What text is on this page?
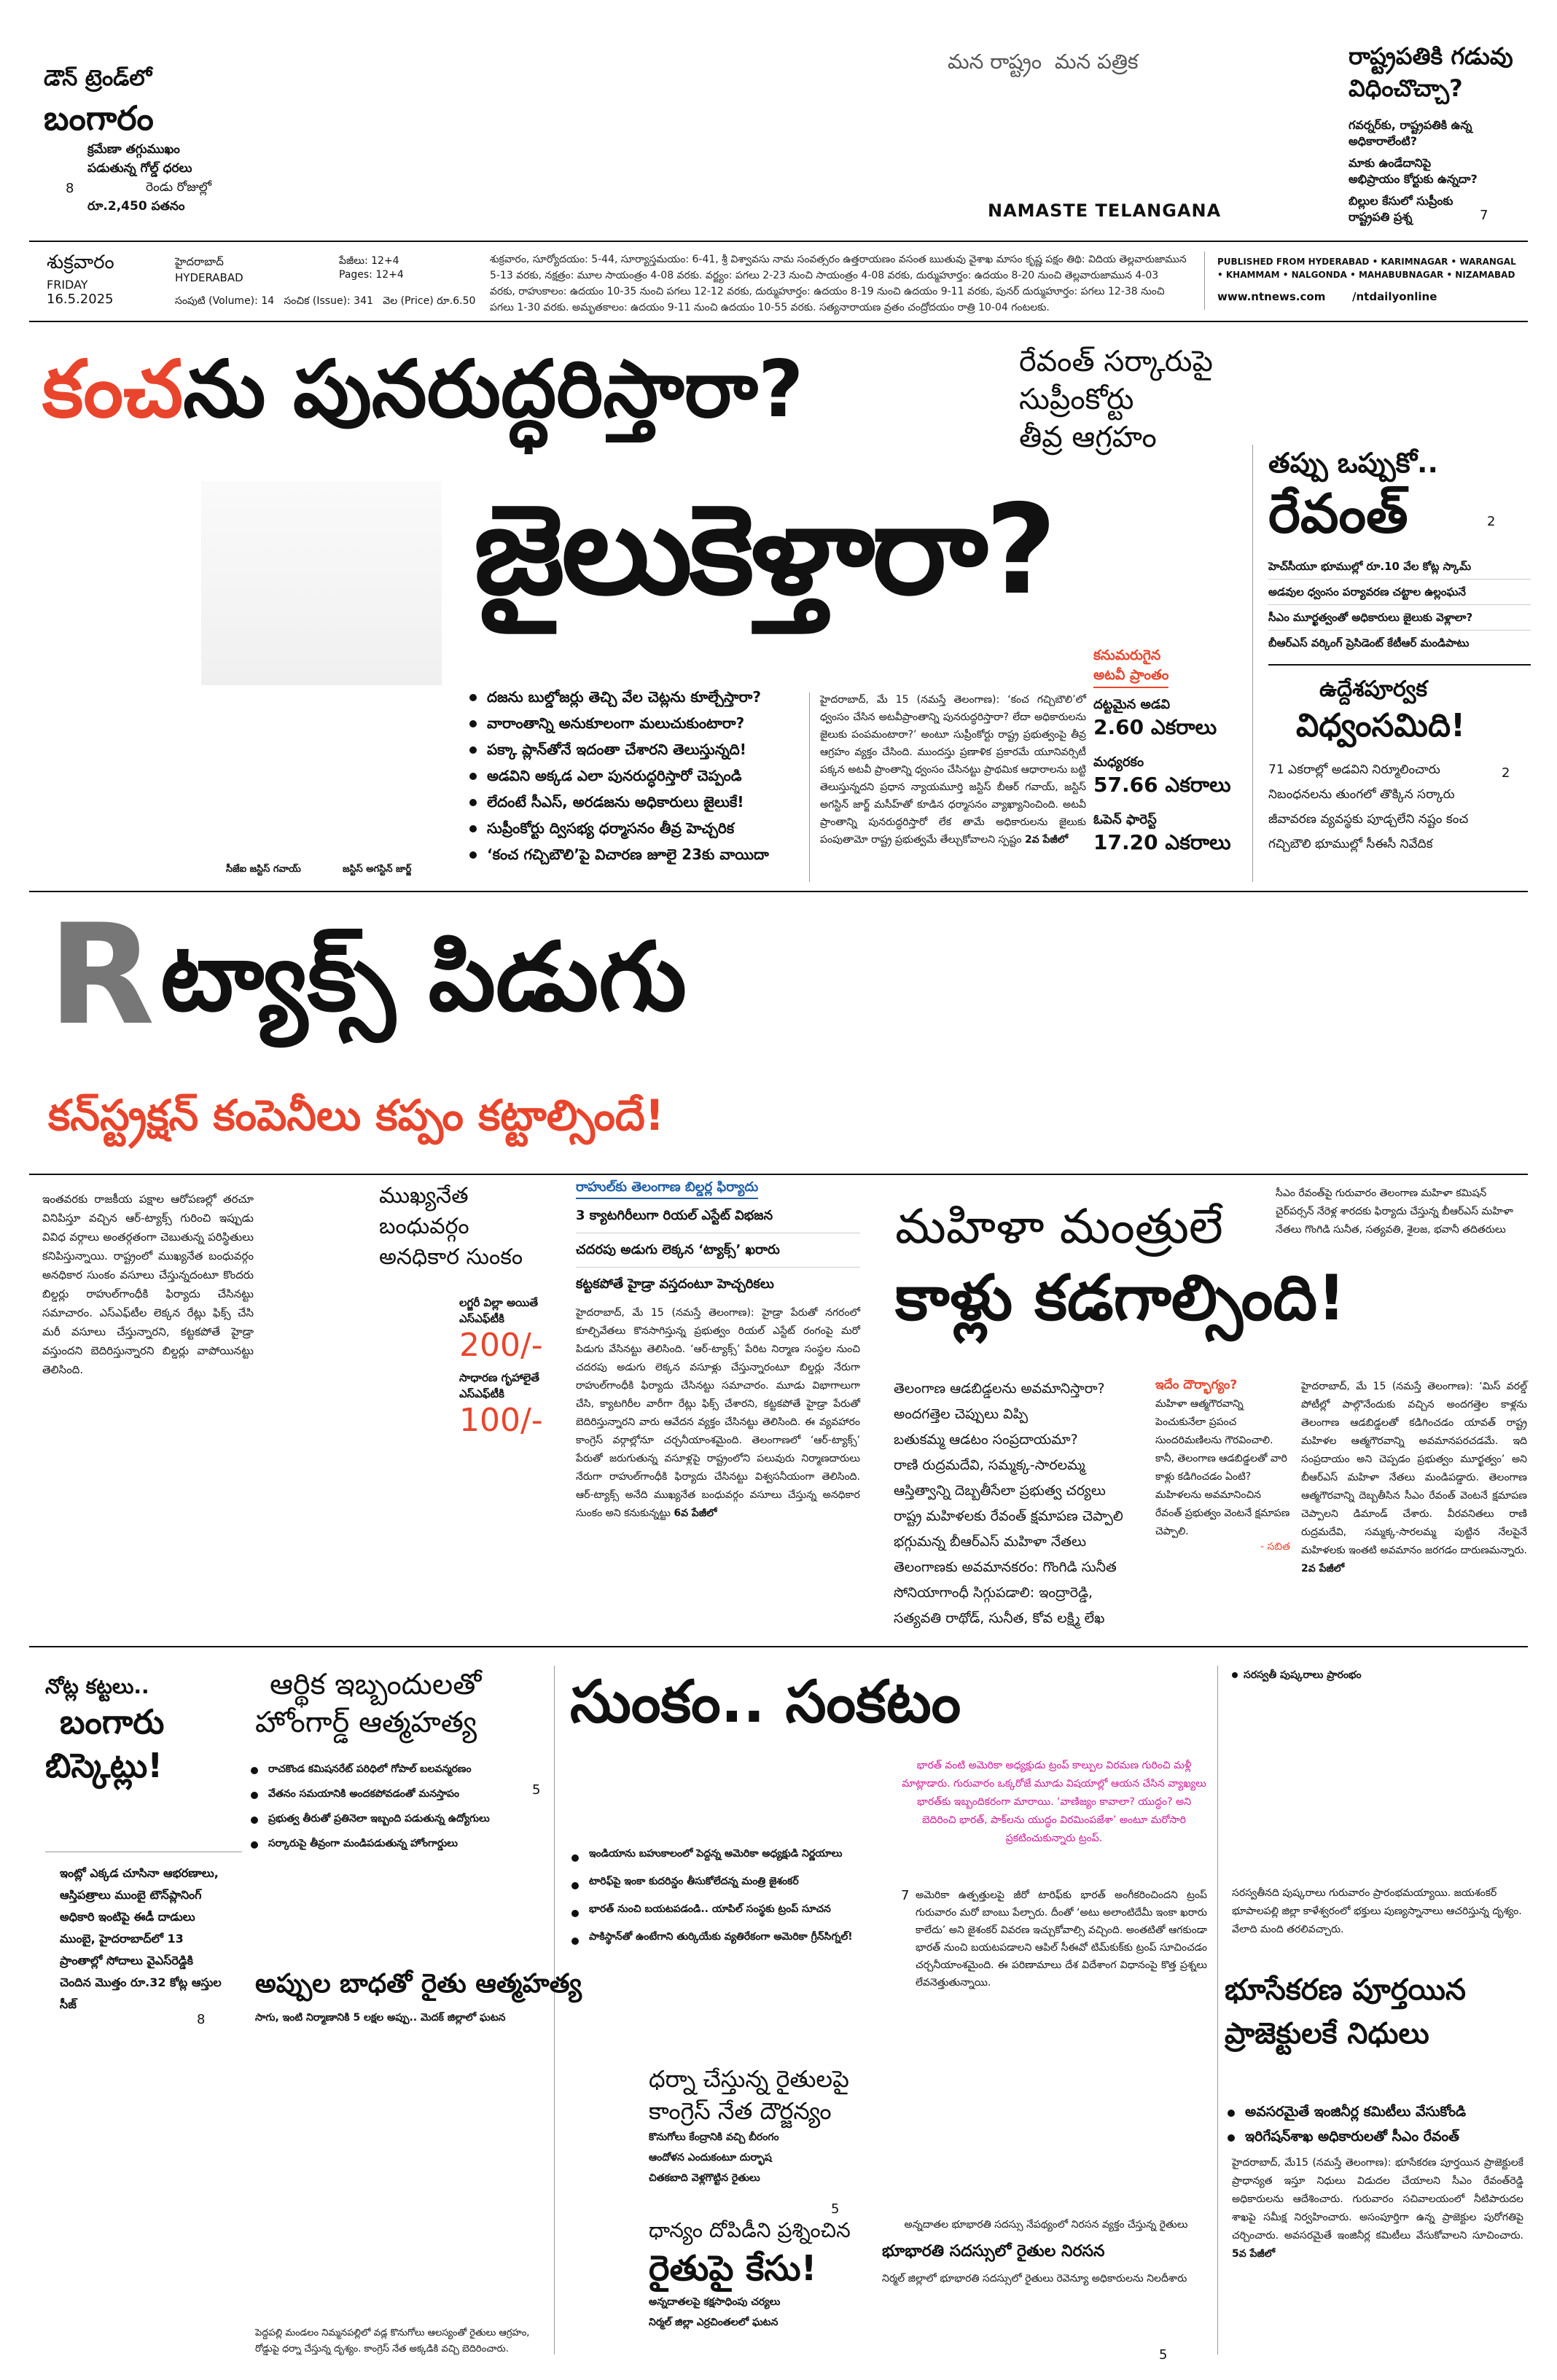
డౌన్ ట్రెండ్‌లో
బంగారం
క్రమేణా తగ్గుముఖం
పడుతున్న గోల్డ్ ధరలు
రెండు రోజుల్లో
రూ.2,450 పతనం
8
మన రాష్ట్రం  మన పత్రిక
NAMASTE TELANGANA
రాష్ట్రపతికి గడువు
విధించొచ్చా?
గవర్నర్‌కు, రాష్ట్రపతికి ఉన్న అధికారాలేంటి?
మాకు ఉండేదానిపై అభిప్రాయం కోర్టుకు ఉన్నదా?
బిల్లుల కేసులో సుప్రీంకు రాష్ట్రపతి ప్రశ్న	7
శుక్రవారం
FRIDAY
16.5.2025
హైదరాబాద్
HYDERABAD
పేజీలు: 12+4
Pages: 12+4
సంపుటి (Volume): 14   సంచిక (Issue): 341   వెల (Price) రూ.6.50
శుక్రవారం, సూర్యోదయం: 5-44, సూర్యాస్తమయం: 6-41, శ్రీ విశ్వావసు నామ సంవత్సరం ఉత్తరాయణం వసంత ఋతువు వైశాఖ మాసం కృష్ణ పక్షం తిథి: విదియ తెల్లవారుజామున
5-13 వరకు, నక్షత్రం: మూల సాయంత్రం 4-08 వరకు. వర్జ్యం: పగలు 2-23 నుంచి సాయంత్రం 4-08 వరకు, దుర్ముహూర్తం: ఉదయం 8-20 నుంచి తెల్లవారుజామున 4-03
వరకు, రాహుకాలం: ఉదయం 10-35 నుంచి పగలు 12-12 వరకు, దుర్ముహూర్తం: ఉదయం 8-19 నుంచి ఉదయం 9-11 వరకు, పునర్ దుర్ముహూర్తం: పగలు 12-38 నుంచి
పగలు 1-30 వరకు. అమృతకాలం: ఉదయం 9-11 నుంచి ఉదయం 10-55 వరకు. సత్యనారాయణ వ్రతం చంద్రోదయం రాత్రి 10-04 గంటలకు.
PUBLISHED FROM HYDERABAD • KARIMNAGAR • WARANGAL • KHAMMAM • NALGONDA • MAHABUBNAGAR • NIZAMABAD
www.ntnews.com /ntdailyonline
కంచను పునరుద్ధరిస్తారా?	రేవంత్ సర్కారుపై
సుప్రీంకోర్టు
తీవ్ర ఆగ్రహం
జైలుకెళ్తారా?
దజను బుల్డోజర్లు తెచ్చి వేల చెట్లను కూల్చేస్తారా?
వారాంతాన్ని అనుకూలంగా మలుచుకుంటారా?
పక్కా ప్లాన్‌తోనే ఇదంతా చేశారని తెలుస్తున్నది!
అడవిని అక్కడ ఎలా పునరుద్ధరిస్తారో చెప్పండి
లేదంటే సీఎస్, అరడజను అధికారులు జైలుకే!
సుప్రీంకోర్టు ద్విసభ్య ధర్మాసనం తీవ్ర హెచ్చరిక
‘కంచ గచ్చిబౌలి’పై విచారణ జూలై 23కు వాయిదా
సీజేఐ జస్టిస్ గవాయ్	జస్టిస్ అగస్టిన్ జార్జ్
హైదరాబాద్, మే 15 (నమస్తే తెలంగాణ): ‘కంచ గచ్చిబౌలి’లో ధ్వంసం చేసిన అటవీప్రాంతాన్ని పునరుద్ధరిస్తారా? లేదా అధికారులను జైలుకు పంపమంటారా?’ అంటూ సుప్రీంకోర్టు రాష్ట్ర ప్రభుత్వంపై తీవ్ర ఆగ్రహం వ్యక్తం చేసింది. ముందస్తు ప్రణాళిక ప్రకారమే యూనివర్సిటీ పక్కన అటవీ ప్రాంతాన్ని ధ్వంసం చేసినట్టు ప్రాథమిక ఆధారాలను బట్టి తెలుస్తున్నదని ప్రధాన న్యాయమూర్తి జస్టిస్ బీఆర్ గవాయ్, జస్టిస్ అగస్టిన్ జార్జ్ మసీహ్‌తో కూడిన ధర్మాసనం వ్యాఖ్యానించింది. అటవీ ప్రాంతాన్ని పునరుద్ధరిస్తారో లేక తామే అధికారులను జైలుకు పంపుతామో రాష్ట్ర ప్రభుత్వమే తేల్చుకోవాలని స్పష్టం 2వ పేజీలో
కనుమరుగైన
అటవీ ప్రాంతం
దట్టమైన అడవి
2.60 ఎకరాలు
మధ్యరకం
57.66 ఎకరాలు
ఓపెన్ ఫారెస్ట్
17.20 ఎకరాలు
తప్పు ఒప్పుకో..
రేవంత్	2
హెచ్‌సీయూ భూముల్లో రూ.10 వేల కోట్ల స్కామ్
అడవుల ధ్వంసం పర్యావరణ చట్టాల ఉల్లంఘనే
సీఎం మూర్ఖత్వంతో అధికారులు జైలుకు వెళ్లాలా?
బీఆర్‌ఎస్ వర్కింగ్ ప్రెసిడెంట్ కేటీఆర్ మండిపాటు
ఉద్దేశపూర్వక
విధ్వంసమిది!
71 ఎకరాల్లో అడవిని నిర్మూలించారు నిబంధనలను తుంగలో తొక్కిన సర్కారు జీవావరణ వ్యవస్థకు పూడ్చలేని నష్టం కంచ గచ్చిబౌలి భూముల్లో సీఈసీ నివేదిక
2
R ట్యాక్స్ పిడుగు
కన్‌స్ట్రక్షన్ కంపెనీలు కప్పం కట్టాల్సిందే!
ఇంతవరకు రాజకీయ పక్షాల ఆరోపణల్లో తరచూ వినిపిస్తూ వచ్చిన ఆర్-ట్యాక్స్ గురించి ఇప్పుడు వివిధ వర్గాలు అంతర్గతంగా చెబుతున్న పరిస్థితులు కనిపిస్తున్నాయి. రాష్ట్రంలో ముఖ్యనేత బంధువర్గం అనధికార సుంకం వసూలు చేస్తున్నదంటూ కొందరు బిల్డర్లు రాహుల్‌గాంధీకి ఫిర్యాదు చేసినట్టు సమాచారం. ఎస్ఎఫ్‌టీల లెక్కన రేట్లు ఫిక్స్ చేసి మరీ వసూలు చేస్తున్నారని, కట్టకపోతే హైడ్రా వస్తుందని బెదిరిస్తున్నారని బిల్డర్లు వాపోయినట్టు తెలిసింది.
ముఖ్యనేత బంధువర్గం
అనధికార సుంకం
లగ్జరీ విల్లా అయితే ఎస్ఎఫ్‌టీకి
200/-
సాధారణ గృహాలైతే ఎస్ఎఫ్‌టీకి
100/-
రాహుల్‌కు తెలంగాణ బిల్డర్ల ఫిర్యాదు
3 క్యాటగిరీలుగా రియల్ ఎస్టేట్ విభజన
చదరపు అడుగు లెక్కన ‘ట్యాక్స్’ ఖరారు
కట్టకపోతే హైడ్రా వస్తదంటూ హెచ్చరికలు
హైదరాబాద్, మే 15 (నమస్తే తెలంగాణ): హైడ్రా పేరుతో నగరంలో కూల్చివేతలు కొనసాగిస్తున్న ప్రభుత్వం రియల్ ఎస్టేట్ రంగంపై మరో పిడుగు వేసినట్టు తెలిసింది. ‘ఆర్-ట్యాక్స్’ పేరిట నిర్మాణ సంస్థల నుంచి చదరపు అడుగు లెక్కన వసూళ్లు చేస్తున్నారంటూ బిల్డర్లు నేరుగా రాహుల్‌గాంధీకి ఫిర్యాదు చేసినట్టు సమాచారం. మూడు విభాగాలుగా చేసి, క్యాటగిరీల వారీగా రేట్లు ఫిక్స్ చేశారని, కట్టకపోతే హైడ్రా పేరుతో బెదిరిస్తున్నారని వారు ఆవేదన వ్యక్తం చేసినట్టు తెలిసింది. ఈ వ్యవహారం కాంగ్రెస్ వర్గాల్లోనూ చర్చనీయాంశమైంది. తెలంగాణలో ‘ఆర్-ట్యాక్స్’ పేరుతో జరుగుతున్న వసూళ్లపై రాష్ట్రంలోని పలువురు నిర్మాణదారులు నేరుగా రాహుల్‌గాంధీకి ఫిర్యాదు చేసినట్టు విశ్వసనీయంగా తెలిసింది. ఆర్-ట్యాక్స్ అనేది ముఖ్యనేత బంధువర్గం వసూలు చేస్తున్న అనధికార సుంకం అని కనుకున్నట్టు 6వ పేజీలో
మహిళా మంత్రులే
కాళ్లు కడగాల్సింది!
సీఎం రేవంత్‌పై గురువారం తెలంగాణ మహిళా కమిషన్ చైర్‌పర్సన్ నేరెళ్ల శారదకు ఫిర్యాదు చేస్తున్న బీఆర్‌ఎస్ మహిళా నేతలు గొంగిడి సునీత, సత్యవతి, శైలజ, భవానీ తదితరులు
తెలంగాణ ఆడబిడ్డలను అవమానిస్తారా?
అందగత్తెల చెప్పులు విప్పి
బతుకమ్మ ఆడటం సంప్రదాయమా?
రాణి రుద్రమదేవి, సమ్మక్క-సారలమ్మ
ఆస్తిత్వాన్ని దెబ్బతీసేలా ప్రభుత్వ చర్యలు
రాష్ట్ర మహిళలకు రేవంత్ క్షమాపణ చెప్పాలి
భగ్గుమన్న బీఆర్‌ఎస్ మహిళా నేతలు
తెలంగాణకు అవమానకరం: గొంగిడి సునీత
సోనియాగాంధీ సిగ్గుపడాలి: ఇంద్రారెడ్డి,
సత్యవతి రాథోడ్, సునీత, కోవ లక్ష్మి లేఖ
ఇదేం దౌర్భాగ్యం?
మహిళా ఆత్మగౌరవాన్ని పెంచుకునేలా ప్రపంచ సుందరిమణిలను గౌరవించాలి. కానీ, తెలంగాణ ఆడబిడ్డలతో వారి కాళ్లు కడిగించడం ఏంటి? మహిళలను అవమానించిన రేవంత్ ప్రభుత్వం వెంటనే క్షమాపణ చెప్పాలి.
- సబిత
హైదరాబాద్, మే 15 (నమస్తే తెలంగాణ): ‘మిస్ వరల్డ్ పోటీల్లో పాల్గొనేందుకు వచ్చిన అందగత్తెల కాళ్లను తెలంగాణ ఆడబిడ్డలతో కడిగించడం యావత్ రాష్ట్ర మహిళల ఆత్మగౌరవాన్ని అవమానపరచడమే. ఇది సంప్రదాయం అని చెప్పడం ప్రభుత్వం మూర్ఖత్వం’ అని బీఆర్‌ఎస్ మహిళా నేతలు మండిపడ్డారు. తెలంగాణ ఆత్మగౌరవాన్ని దెబ్బతీసిన సీఎం రేవంత్ వెంటనే క్షమాపణ చెప్పాలని డిమాండ్ చేశారు. వీరవనితలు రాణి రుద్రమదేవి, సమ్మక్క-సారలమ్మ పుట్టిన నేలపైనే మహిళలకు ఇంతటి అవమానం జరగడం దారుణమన్నారు. 2వ పేజీలో
నోట్ల కట్టలు..
బంగారు
బిస్కెట్లు!
ఇంట్లో ఎక్కడ చూసినా ఆభరణాలు, ఆస్తిపత్రాలు ముంబై టౌన్‌ప్లానింగ్ అధికారి ఇంటిపై ఈడీ దాడులు ముంబై, హైదరాబాద్‌లో 13 ప్రాంతాల్లో సోదాలు వైఎస్‌రెడ్డికి చెందిన మొత్తం రూ.32 కోట్ల ఆస్తుల సీజ్
8
ఆర్థిక ఇబ్బందులతో
హోంగార్డ్ ఆత్మహత్య
రాచకొండ కమిషనరేట్ పరిధిలో గోపాల్ బలవన్మరణం
వేతనం సమయానికి అందకపోవడంతో మనస్తాపం
ప్రభుత్వ తీరుతో ప్రతినెలా ఇబ్బంది పడుతున్న ఉద్యోగులు
సర్కారుపై తీవ్రంగా మండిపడుతున్న హోంగార్డులు
5
సుంకం.. సంకటం
ఇండియాను బహుకాలంలో పెద్దన్న అమెరికా అధ్యక్షుడి నిర్ణయాలు
టారిఫ్‌పై ఇంకా కుదరిన్డం తీసుకోలేదన్న మంత్రి జైశంకర్
భారత్ నుంచి బయటపడండి.. యాపిల్ సంస్థకు ట్రంప్ సూచన
పాకిస్థాన్‌తో ఉంటేగాని తుర్కియేకు వ్యతిరేకంగా అమెరికా గ్రీన్‌సిగ్నల్!
భారత్ వంటి అమెరికా అధ్యక్షుడు ట్రంప్ కాల్పుల విరమణ గురించి మళ్లీ మాట్లాడారు. గురువారం ఒక్కరోజే మూడు విషయాల్లో ఆయన చేసిన వ్యాఖ్యలు భారత్‌కు ఇబ్బందికరంగా మారాయి. ‘వాణిజ్యం కావాలా? యుద్ధం? అని బెదిరించి భారత్, పాక్‌లను యుద్ధం విరమింపజేశా’ అంటూ మరోసారి ప్రకటించుకున్నారు ట్రంప్.
7 అమెరికా ఉత్పత్తులపై జీరో టారిఫ్‌కు భారత్ అంగీకరించిందని ట్రంప్ గురువారం మరో బాంబు పేల్చారు. దీంతో ‘అటు అలాంటిదేమీ ఇంకా ఖరారు కాలేదు’ అని జైశంకర్ వివరణ ఇచ్చుకోవాల్సి వచ్చింది. అంతటితో ఆగకుండా భారత్ నుంచి బయటపడాలని ఆపిల్ సీఈవో టిమ్‌కుక్‌కు ట్రంప్ సూచించడం చర్చనీయాంశమైంది. ఈ పరిణామాలు దేశ విదేశాంగ విధానంపై కొత్త ప్రశ్నలు లేవనెత్తుతున్నాయి.
సరస్వతీ పుష్కరాలు ప్రారంభం
సరస్వతీనది పుష్కరాలు గురువారం ప్రారంభమయ్యాయి. జయశంకర్ భూపాలపల్లి జిల్లా కాళేశ్వరంలో భక్తులు పుణ్యస్నానాలు ఆచరిస్తున్న దృశ్యం. వేలాది మంది తరలివచ్చారు.
భూసేకరణ పూర్తయిన
ప్రాజెక్టులకే నిధులు
అవసరమైతే ఇంజినీర్ల కమిటీలు వేసుకోండి
ఇరిగేషన్‌శాఖ అధికారులతో సీఎం రేవంత్
హైదరాబాద్, మే15 (నమస్తే తెలంగాణ): భూసేకరణ పూర్తయిన ప్రాజెక్టులకే ప్రాధాన్యత ఇస్తూ నిధులు విడుదల చేయాలని సీఎం రేవంత్‌రెడ్డి అధికారులను ఆదేశించారు. గురువారం సచివాలయంలో నీటిపారుదల శాఖపై సమీక్ష నిర్వహించారు. అసంపూర్తిగా ఉన్న ప్రాజెక్టుల పురోగతిపై చర్చించారు. అవసరమైతే ఇంజినీర్ల కమిటీలు వేసుకోవాలని సూచించారు. 5వ పేజీలో
అప్పుల బాధతో రైతు ఆత్మహత్య
సాగు, ఇంటి నిర్మాణానికి 5 లక్షల అప్పు.. మెదక్ జిల్లాలో ఘటన
ధర్నా చేస్తున్న రైతులపై
కాంగ్రెస్ నేత దౌర్జన్యం
కొనుగోలు కేంద్రానికి వచ్చి బీరంగం
ఆందోళన ఎందుకంటూ దుర్భాష
చితకబాది వెళ్లగొట్టిన రైతులు
5
ధాన్యం దోపిడీని ప్రశ్నించిన
రైతుపై కేసు!
అన్నదాతలపై కక్షసాధింపు చర్యలు
నిర్మల్ జిల్లా ఎర్రచింతలలో ఘటన
అన్నదాతల భూభారతి సదస్సు నేపథ్యంలో నిరసన వ్యక్తం చేస్తున్న రైతులు
భూభారతి సదస్సులో రైతుల నిరసన
నిర్మల్ జిల్లాలో భూభారతి సదస్సులో రైతులు రెవెన్యూ అధికారులను నిలదీశారు
5
పెద్దపల్లి మండలం నిమ్మనపల్లిలో వడ్ల కొనుగోలు ఆలస్యంతో రైతులు ఆగ్రహం, రోడ్డుపై ధర్నా చేస్తున్న దృశ్యం. కాంగ్రెస్ నేత అక్కడికి వచ్చి బెదిరించారు.
